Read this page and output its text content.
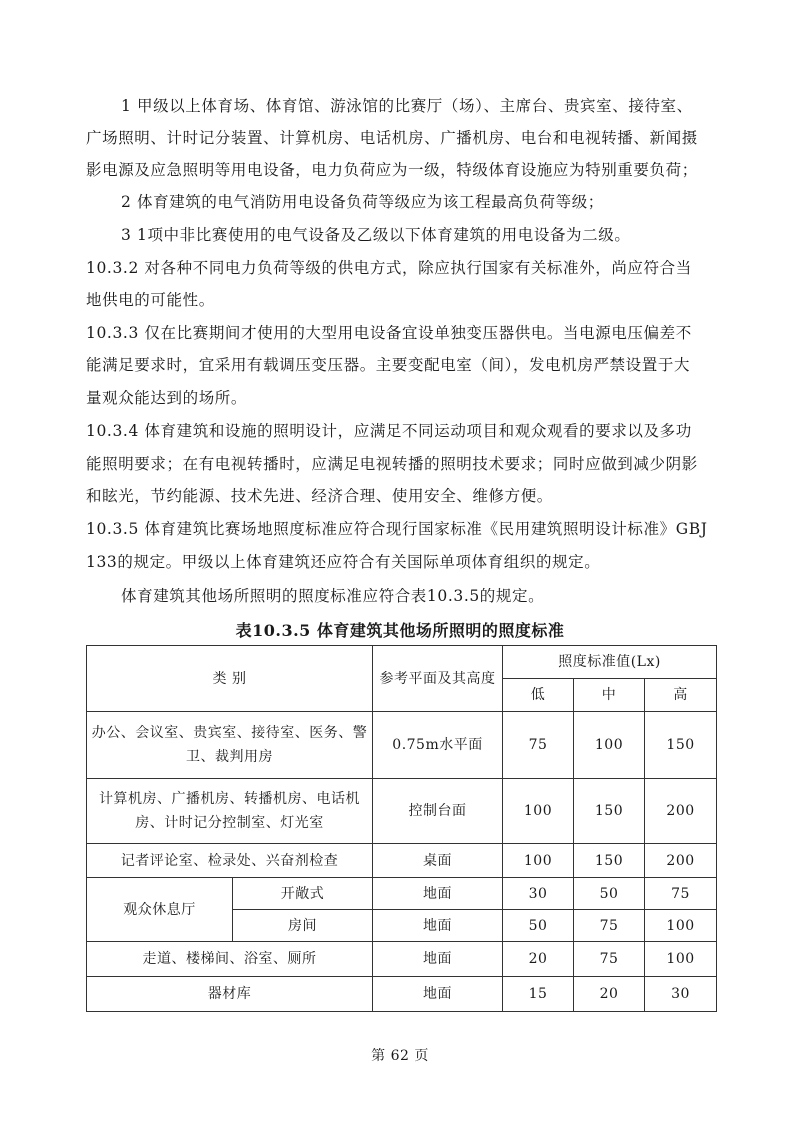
1 甲级以上体育场、体育馆、游泳馆的比赛厅（场）、主席台、贵宾室、接待室、
广场照明、计时记分装置、计算机房、电话机房、广播机房、电台和电视转播、新闻摄
影电源及应急照明等用电设备，电力负荷应为一级，特级体育设施应为特别重要负荷；
2 体育建筑的电气消防用电设备负荷等级应为该工程最高负荷等级；
3 1项中非比赛使用的电气设备及乙级以下体育建筑的用电设备为二级。
10.3.2 对各种不同电力负荷等级的供电方式，除应执行国家有关标准外，尚应符合当
地供电的可能性。
10.3.3 仅在比赛期间才使用的大型用电设备宜设单独变压器供电。当电源电压偏差不
能满足要求时，宜采用有载调压变压器。主要变配电室（间），发电机房严禁设置于大
量观众能达到的场所。
10.3.4 体育建筑和设施的照明设计，应满足不同运动项目和观众观看的要求以及多功
能照明要求；在有电视转播时，应满足电视转播的照明技术要求；同时应做到减少阴影
和眩光，节约能源、技术先进、经济合理、使用安全、维修方便。
10.3.5 体育建筑比赛场地照度标准应符合现行国家标准《民用建筑照明设计标准》GBJ
133的规定。甲级以上体育建筑还应符合有关国际单项体育组织的规定。
体育建筑其他场所照明的照度标准应符合表10.3.5的规定。
表10.3.5 体育建筑其他场所照明的照度标准
类 别		参考平面及其高度	照度标准值(Lx)		
			低	中	高
办公、会议室、贵宾室、接待室、医务、警卫、裁判用房		0.75m水平面	75	100	150
计算机房、广播机房、转播机房、电话机房、计时记分控制室、灯光室		控制台面	100	150	200
记者评论室、检录处、兴奋剂检查		桌面	100	150	200
观众休息厅	开敞式	地面	30	50	75
	房间	地面	50	75	100
走道、楼梯间、浴室、厕所		地面	20	75	100
器材库		地面	15	20	30
第 62 页
